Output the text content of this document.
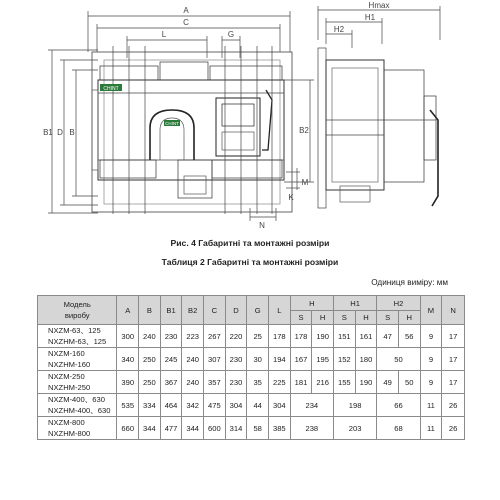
CHINT
CHINT
A
C
L	G
B1 D B	B2
M
K
N
Hmax
H1
H2
Рис. 4 Габаритні та монтажні розміри
Таблиця 2 Габаритні та монтажні розміри
Одиниця виміру: мм
Модель
виробу	A	B	B1	B2	C	D	G	L	H		H1		H2		M	N
									S	H	S	H	S	H		
NXZM-63、125
NXZHM-63、125	300	240	230	223	267	220	25	178	178	190	151	161	47	56	9	17

NXZM-160
NXZHM-160	340	250	245	240	307	230	30	194	167	195	152	180	50		9	17

NXZM-250
NXZHM-250	390	250	367	240	357	230	35	225	181	216	155	190	49	50	9	17

NXZM-400、630
NXZHM-400、630	535	334	464	342	475	304	44	304	234		198		66		11	26

NXZM-800
NXZHM-800	660	344	477	344	600	314	58	385	238		203		68		11	26
